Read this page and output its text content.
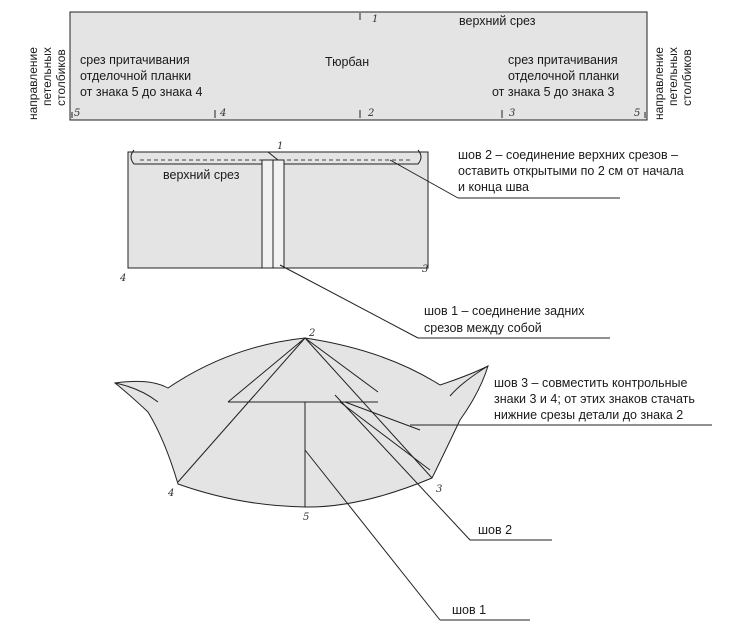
1
5	4	2	3	5
верхний срез
Тюрбан
срез притачивания
отделочной планки
от знака 5 до знака 4
срез притачивания
отделочной планки
от знака 5 до знака 3
направление петельных столбиков	направление петельных столбиков
1
верхний срез
4
3
шов 2 – соединение верхних срезов –
оставить открытыми по 2 см от начала
и конца шва
шов 1 – соединение задних
срезов между собой
2
4	3
5
шов 3 – совместить контрольные
знаки 3 и 4; от этих знаков стачать
нижние срезы детали до знака 2
шов 2
шов 1
